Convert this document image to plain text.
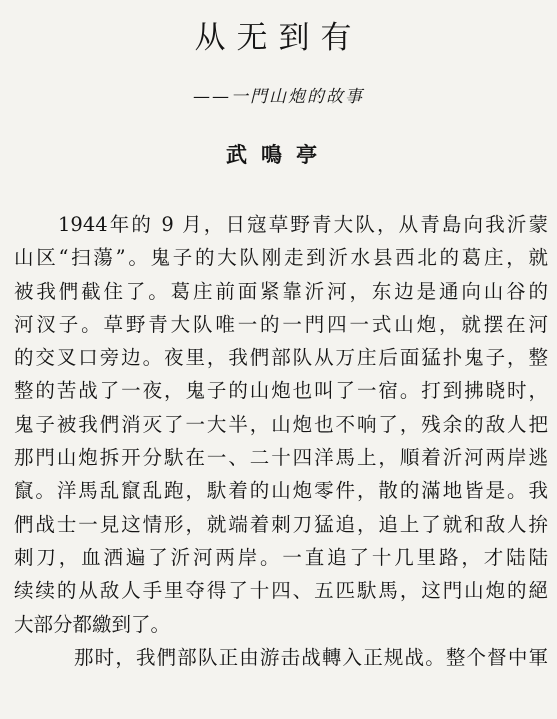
从无到有
——一門山炮的故事
武鳴亭
1944年的 9 月，日寇草野青大队，从青島向我沂蒙
山区“扫蕩”。鬼子的大队刚走到沂水县西北的葛庄，就
被我們截住了。葛庄前面紧靠沂河，东边是通向山谷的
河汊子。草野青大队唯一的一門四一式山炮，就摆在河
的交叉口旁边。夜里，我們部队从万庄后面猛扑鬼子，整
整的苦战了一夜，鬼子的山炮也叫了一宿。打到拂晓时，
鬼子被我們消灭了一大半，山炮也不响了，残余的敌人把
那門山炮拆开分馱在一、二十四洋馬上，順着沂河两岸逃
竄。洋馬乱竄乱跑，馱着的山炮零件，散的滿地皆是。我
們战士一見这情形，就端着刺刀猛追，追上了就和敌人拚
刺刀，血洒遍了沂河两岸。一直追了十几里路，才陆陆
续续的从敌人手里夺得了十四、五匹馱馬，这門山炮的絕
大部分都繳到了。
那时，我們部队正由游击战轉入正规战。整个督中軍
